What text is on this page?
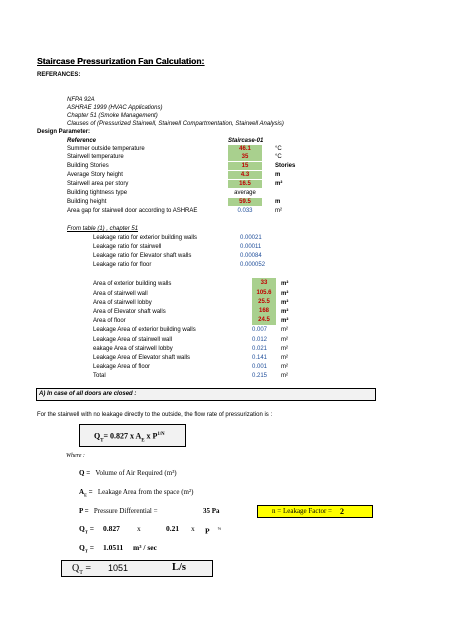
Staircase Pressurization Fan Calculation:
REFERANCES:
NFPA 92A
ASHRAE 1999 (HVAC Applications)
Chapter 51 (Smoke Management)
Clauses of (Pressurized Stairwell, Stairwell Compartmentation, Stairwell Analysis)
Design Parameter:
Reference	Staircase-01
Summer outside temperature	46.1	°C
Stairwell temperature	35	°C
Building Stories	15	Stories
Average Story height	4.3	m
Stairwell area per story	16.5	m²
Building tightness type	average
Building height	59.5	m
Area gap for stairwell door according to ASHRAE	0.033	m²
From table (1) , chapter 51
Leakage ratio for exterior building walls	0.00021
Leakage ratio for stairwell	0.00011
Leakage ratio for Elevator shaft walls	0.00084
Leakage ratio for floor	0.000052
Area of exterior building walls	33	m²
Area of stairwell wall	105.6	m²
Area of stairwell lobby	25.5	m²
Area of Elevator shaft walls	168	m²
Area of floor	24.5	m²
Leakage Area of exterior building walls	0.007 m²
Leakage Area of stairwell wall	0.012 m²
eakage Area of stairwell lobby	0.021 m²
Leakage Area of Elevator shaft walls	0.141 m²
Leakage Area of floor	0.001 m²
Total	0.215 m²
A) In case of all doors are closed :
For the stairwell with no leakage directly to the outside, the flow rate of pressurization is :
$Q_T= 0.827$ x $A_E$ x $P^{1/N}$
Where :
Q = Volume of Air Required (m³)
$A_E$ = Leakage Area from the space (m²)
P = Pressure Differential =	35 Pa	n = Leakage Factor = 2
$Q_T = 0.827$ x	0.21 x P $^{\frac{1}{2}}$
$Q_T = 1.0511$ m³ / sec
$Q_T = 1051$	L/s
